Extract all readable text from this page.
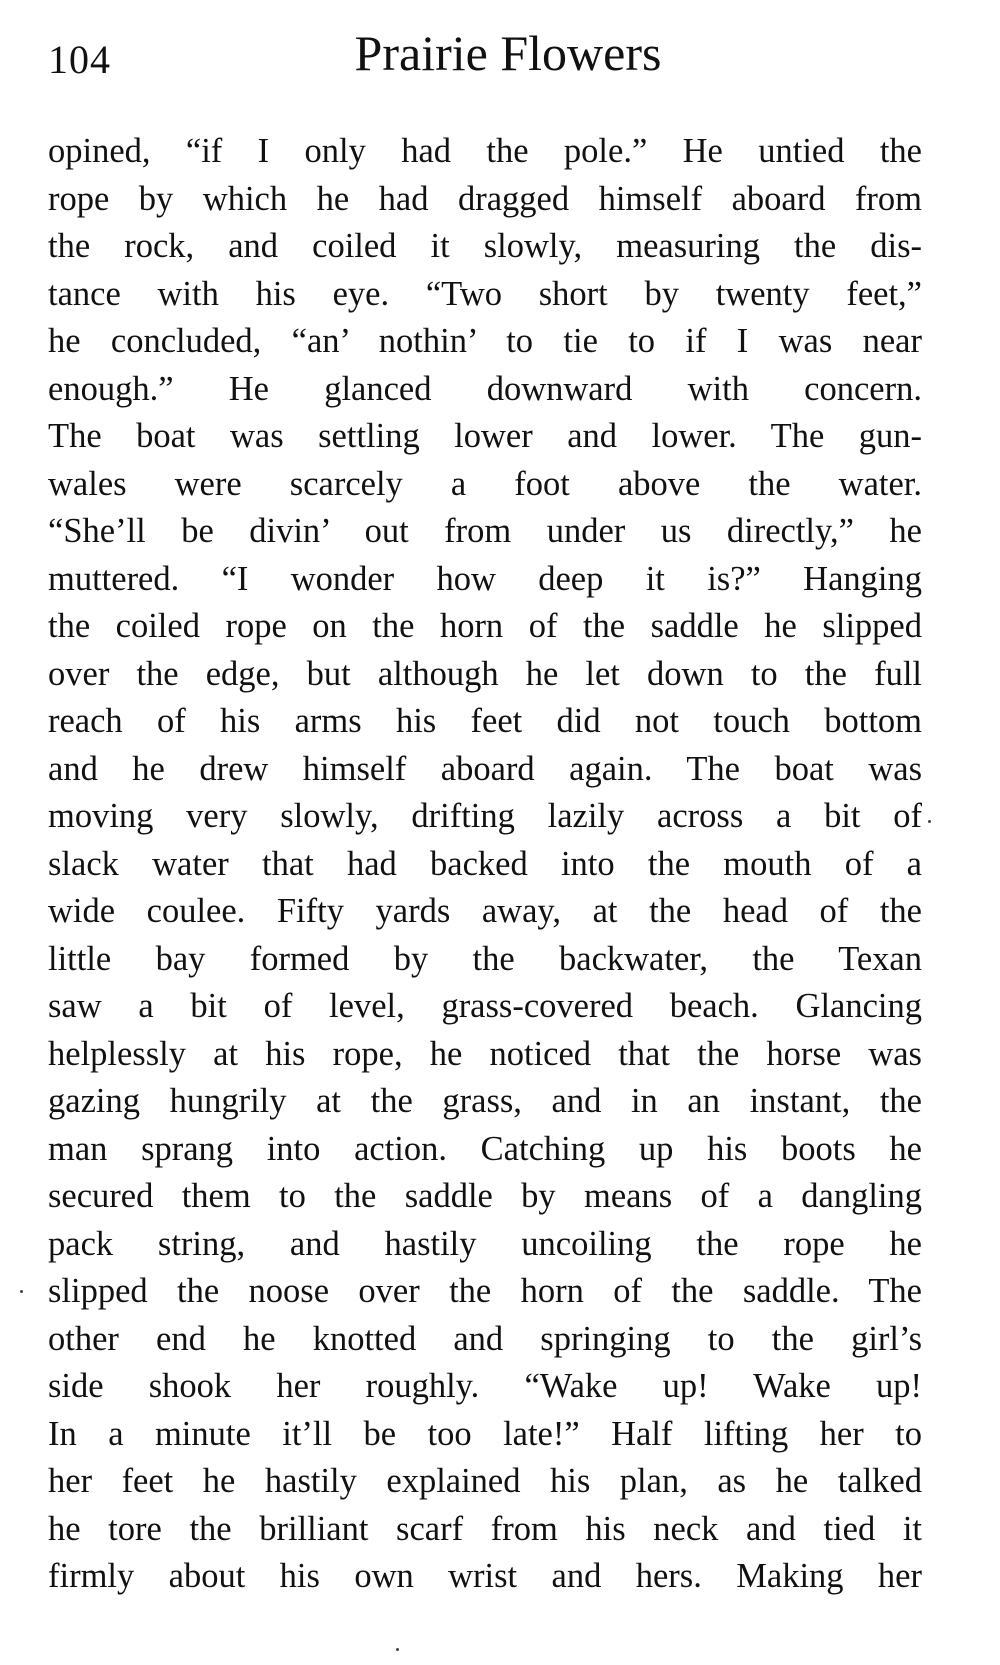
104	Prairie Flowers
opined, “if I only had the pole.” He untied the
rope by which he had dragged himself aboard from
the rock, and coiled it slowly, measuring the dis-
tance with his eye. “Two short by twenty feet,”
he concluded, “an’ nothin’ to tie to if I was near
enough.” He glanced downward with concern.
The boat was settling lower and lower. The gun-
wales were scarcely a foot above the water.
“She’ll be divin’ out from under us directly,” he
muttered. “I wonder how deep it is?” Hanging
the coiled rope on the horn of the saddle he slipped
over the edge, but although he let down to the full
reach of his arms his feet did not touch bottom
and he drew himself aboard again. The boat was
moving very slowly, drifting lazily across a bit of
slack water that had backed into the mouth of a
wide coulee. Fifty yards away, at the head of the
little bay formed by the backwater, the Texan
saw a bit of level, grass-covered beach. Glancing
helplessly at his rope, he noticed that the horse was
gazing hungrily at the grass, and in an instant, the
man sprang into action. Catching up his boots he
secured them to the saddle by means of a dangling
pack string, and hastily uncoiling the rope he
slipped the noose over the horn of the saddle. The
other end he knotted and springing to the girl’s
side shook her roughly. “Wake up! Wake up!
In a minute it’ll be too late!” Half lifting her to
her feet he hastily explained his plan, as he talked
he tore the brilliant scarf from his neck and tied it
firmly about his own wrist and hers. Making her
